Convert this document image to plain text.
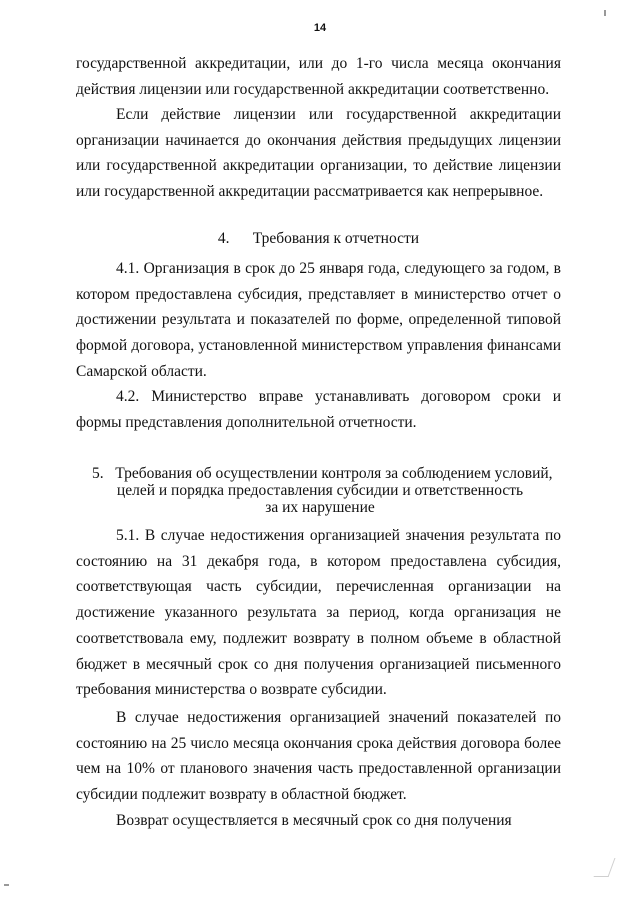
14

государственной аккредитации, или до 1-го числа месяца окончания действия лицензии или государственной аккредитации соответственно.

Если действие лицензии или государственной аккредитации организации начинается до окончания действия предыдущих лицензии или государственной аккредитации организации, то действие лицензии или государственной аккредитации рассматривается как непрерывное.

4. Требования к отчетности

4.1. Организация в срок до 25 января года, следующего за годом, в котором предоставлена субсидия, представляет в министерство отчет о достижении результата и показателей по форме, определенной типовой формой договора, установленной министерством управления финансами Самарской области.

4.2. Министерство вправе устанавливать договором сроки и формы представления дополнительной отчетности.

5. Требования об осуществлении контроля за соблюдением условий,
целей и порядка предоставления субсидии и ответственность
за их нарушение

5.1. В случае недостижения организацией значения результата по состоянию на 31 декабря года, в котором предоставлена субсидия, соответствующая часть субсидии, перечисленная организации на достижение указанного результата за период, когда организация не соответствовала ему, подлежит возврату в полном объеме в областной бюджет в месячный срок со дня получения организацией письменного требования министерства о возврате субсидии.

В случае недостижения организацией значений показателей по состоянию на 25 число месяца окончания срока действия договора более чем на 10% от планового значения часть предоставленной организации субсидии подлежит возврату в областной бюджет.

Возврат осуществляется в месячный срок со дня получения
